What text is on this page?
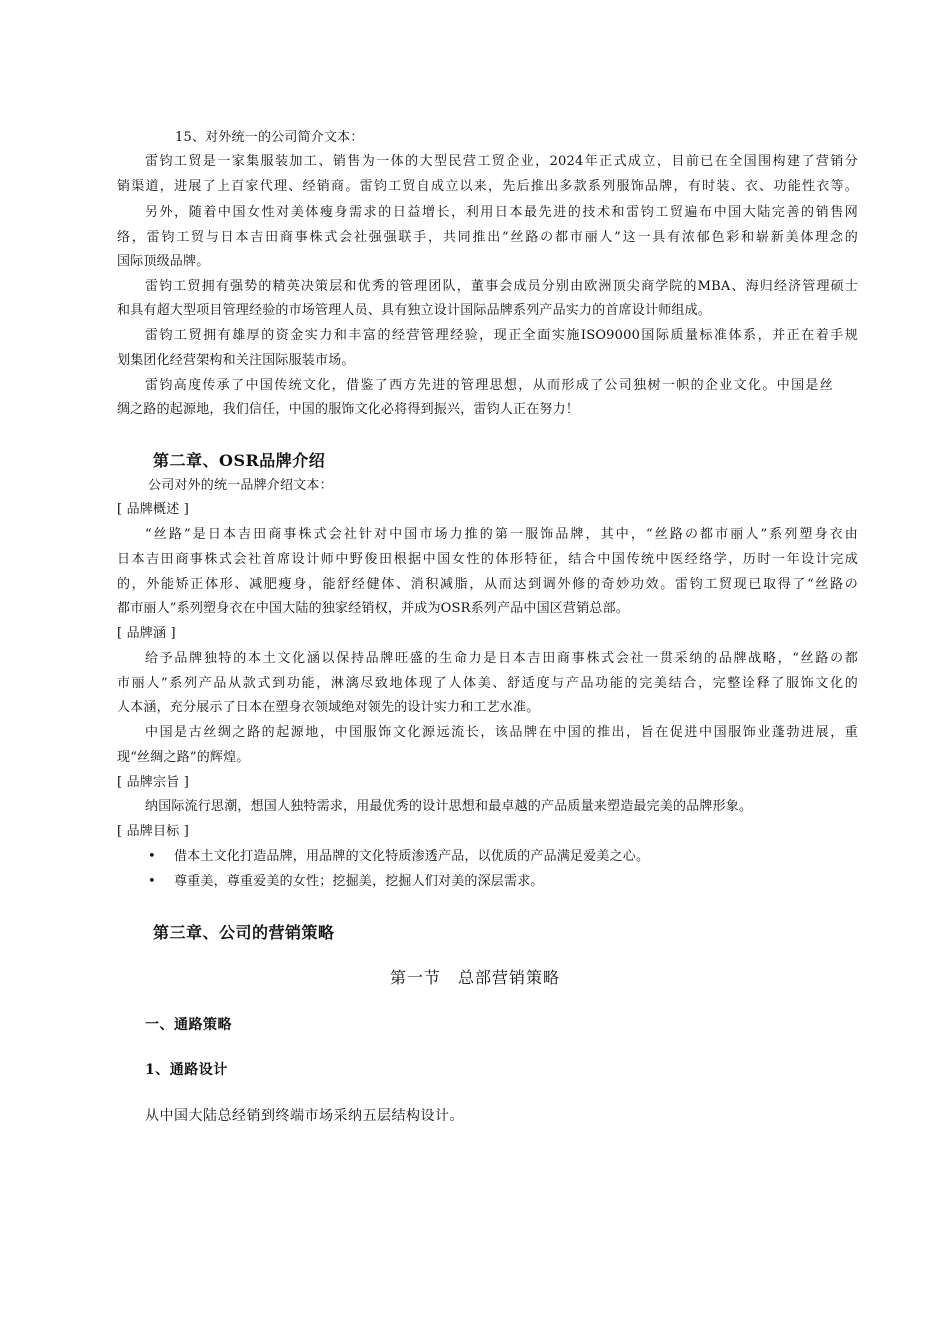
15、对外统一的公司简介文本：
雷钧工贸是一家集服装加工、销售为一体的大型民营工贸企业，2024年正式成立，目前已在全国围构建了营销分
销渠道，进展了上百家代理、经销商。雷钧工贸自成立以来，先后推出多款系列服饰品牌，有时装、衣、功能性衣等。
另外，随着中国女性对美体瘦身需求的日益增长，利用日本最先进的技术和雷钧工贸遍布中国大陆完善的销售网
络，雷钧工贸与日本吉田商事株式会社强强联手，共同推出“丝路の都市丽人”这一具有浓郁色彩和崭新美体理念的
国际顶级品牌。
雷钧工贸拥有强势的精英决策层和优秀的管理团队，董事会成员分别由欧洲顶尖商学院的MBA、海归经济管理硕士
和具有超大型项目管理经验的市场管理人员、具有独立设计国际品牌系列产品实力的首席设计师组成。
雷钧工贸拥有雄厚的资金实力和丰富的经营管理经验，现正全面实施ISO9000国际质量标准体系，并正在着手规
划集团化经营架构和关注国际服装市场。
雷钧高度传承了中国传统文化，借鉴了西方先进的管理思想，从而形成了公司独树一帜的企业文化。中国是丝
绸之路的起源地，我们信任，中国的服饰文化必将得到振兴，雷钧人正在努力！
第二章、OSR品牌介绍
公司对外的统一品牌介绍文本：
[ 品牌概述 ]
“丝路”是日本吉田商事株式会社针对中国市场力推的第一服饰品牌，其中，“丝路の都市丽人”系列塑身衣由
日本吉田商事株式会社首席设计师中野俊田根据中国女性的体形特征，结合中国传统中医经络学，历时一年设计完成
的，外能矫正体形、减肥瘦身，能舒经健体、消积减脂，从而达到调外修的奇妙功效。雷钧工贸现已取得了“丝路の
都市丽人”系列塑身衣在中国大陆的独家经销权，并成为OSR系列产品中国区营销总部。
[ 品牌涵 ]
给予品牌独特的本土文化涵以保持品牌旺盛的生命力是日本吉田商事株式会社一贯采纳的品牌战略，“丝路の都
市丽人”系列产品从款式到功能，淋漓尽致地体现了人体美、舒适度与产品功能的完美结合，完整诠释了服饰文化的
人本涵，充分展示了日本在塑身衣领域绝对领先的设计实力和工艺水准。
中国是古丝绸之路的起源地，中国服饰文化源远流长，该品牌在中国的推出，旨在促进中国服饰业蓬勃进展，重
现“丝绸之路”的辉煌。
[ 品牌宗旨 ]
纳国际流行思潮，想国人独特需求，用最优秀的设计思想和最卓越的产品质量来塑造最完美的品牌形象。
[ 品牌目标 ]
• 借本土文化打造品牌，用品牌的文化特质渗透产品，以优质的产品满足爱美之心。
• 尊重美，尊重爱美的女性；挖掘美，挖掘人们对美的深层需求。
第三章、公司的营销策略
第一节　总部营销策略
一、通路策略
1、通路设计
从中国大陆总经销到终端市场采纳五层结构设计。
